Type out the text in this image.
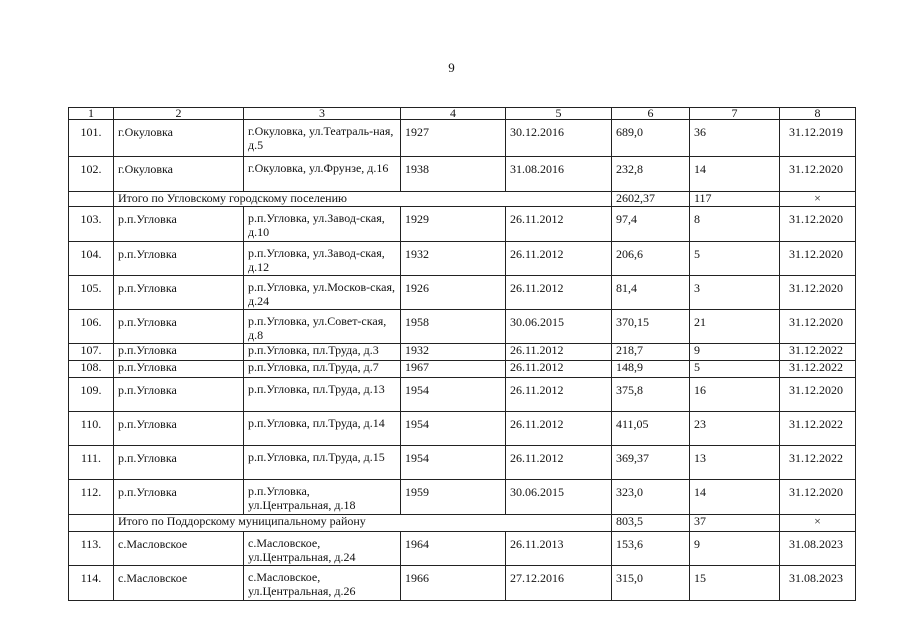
9
1	2	3	4	5	6	7	8
101.	г.Окуловка	г.Окуловка, ул.Театраль-ная, д.5	1927	30.12.2016	689,0	36	31.12.2019
102.	г.Окуловка	г.Окуловка, ул.Фрунзе, д.16	1938	31.08.2016	232,8	14	31.12.2020
	Итого по Угловскому городскому поселению				2602,37	117	×
103.	р.п.Угловка	р.п.Угловка, ул.Завод-ская, д.10	1929	26.11.2012	97,4	8	31.12.2020
104.	р.п.Угловка	р.п.Угловка, ул.Завод-ская, д.12	1932	26.11.2012	206,6	5	31.12.2020
105.	р.п.Угловка	р.п.Угловка, ул.Москов-ская, д.24	1926	26.11.2012	81,4	3	31.12.2020
106.	р.п.Угловка	р.п.Угловка, ул.Совет-ская, д.8	1958	30.06.2015	370,15	21	31.12.2020
107.	р.п.Угловка	р.п.Угловка, пл.Труда, д.3	1932	26.11.2012	218,7	9	31.12.2022
108.	р.п.Угловка	р.п.Угловка, пл.Труда, д.7	1967	26.11.2012	148,9	5	31.12.2022
109.	р.п.Угловка	р.п.Угловка, пл.Труда, д.13	1954	26.11.2012	375,8	16	31.12.2020
110.	р.п.Угловка	р.п.Угловка, пл.Труда, д.14	1954	26.11.2012	411,05	23	31.12.2022
111.	р.п.Угловка	р.п.Угловка, пл.Труда, д.15	1954	26.11.2012	369,37	13	31.12.2022
112.	р.п.Угловка	р.п.Угловка, ул.Центральная, д.18	1959	30.06.2015	323,0	14	31.12.2020
	Итого по Поддорскому муниципальному району				803,5	37	×
113.	с.Масловское	с.Масловское, ул.Центральная, д.24	1964	26.11.2013	153,6	9	31.08.2023
114.	с.Масловское	с.Масловское, ул.Центральная, д.26	1966	27.12.2016	315,0	15	31.08.2023
